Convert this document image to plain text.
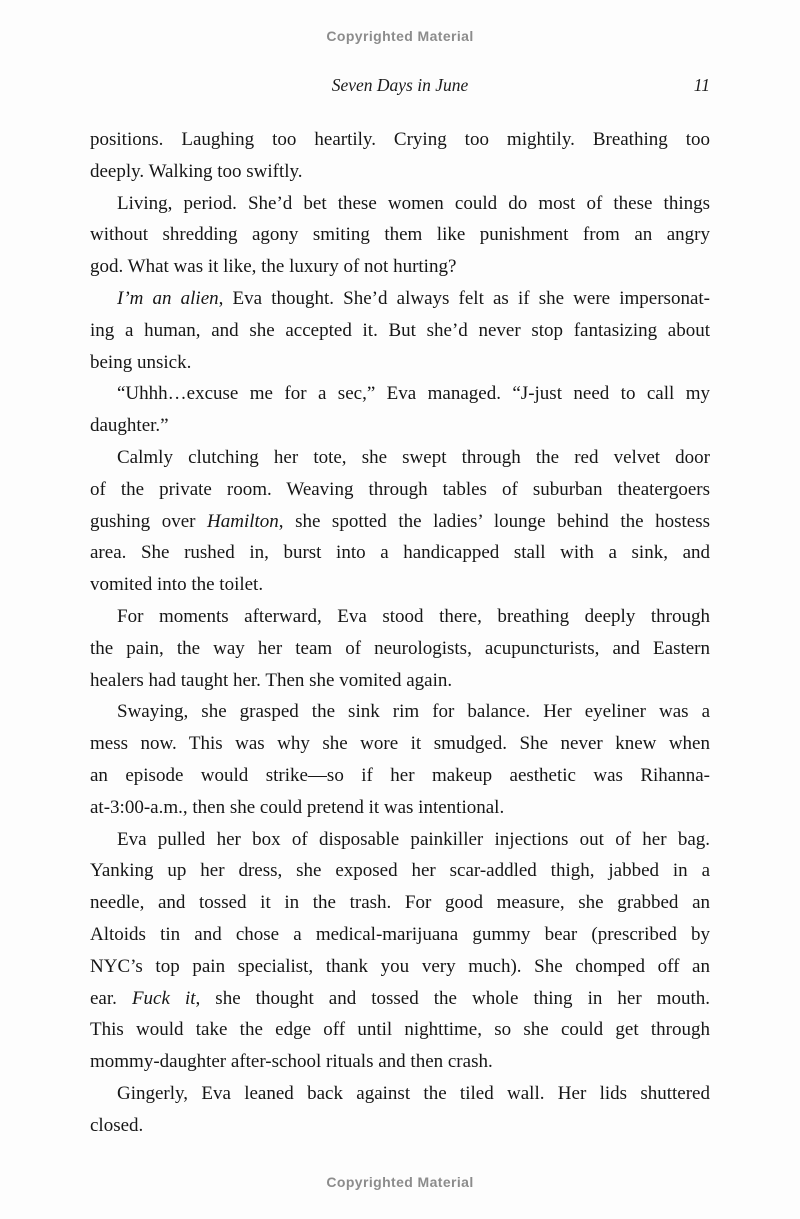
Copyrighted Material
Seven Days in June	11
positions. Laughing too heartily. Crying too mightily. Breathing too
deeply. Walking too swiftly.
Living, period. She’d bet these women could do most of these things
without shredding agony smiting them like punishment from an angry
god. What was it like, the luxury of not hurting?
I’m an alien, Eva thought. She’d always felt as if she were impersonat-
ing a human, and she accepted it. But she’d never stop fantasizing about
being unsick.
“Uhhh…excuse me for a sec,” Eva managed. “J-just need to call my
daughter.”
Calmly clutching her tote, she swept through the red velvet door
of the private room. Weaving through tables of suburban theatergoers
gushing over Hamilton, she spotted the ladies’ lounge behind the hostess
area. She rushed in, burst into a handicapped stall with a sink, and
vomited into the toilet.
For moments afterward, Eva stood there, breathing deeply through
the pain, the way her team of neurologists, acupuncturists, and Eastern
healers had taught her. Then she vomited again.
Swaying, she grasped the sink rim for balance. Her eyeliner was a
mess now. This was why she wore it smudged. She never knew when
an episode would strike—so if her makeup aesthetic was Rihanna-
at-3:00-a.m., then she could pretend it was intentional.
Eva pulled her box of disposable painkiller injections out of her bag.
Yanking up her dress, she exposed her scar-addled thigh, jabbed in a
needle, and tossed it in the trash. For good measure, she grabbed an
Altoids tin and chose a medical-marijuana gummy bear (prescribed by
NYC’s top pain specialist, thank you very much). She chomped off an
ear. Fuck it, she thought and tossed the whole thing in her mouth.
This would take the edge off until nighttime, so she could get through
mommy-daughter after-school rituals and then crash.
Gingerly, Eva leaned back against the tiled wall. Her lids shuttered
closed.
Copyrighted Material
